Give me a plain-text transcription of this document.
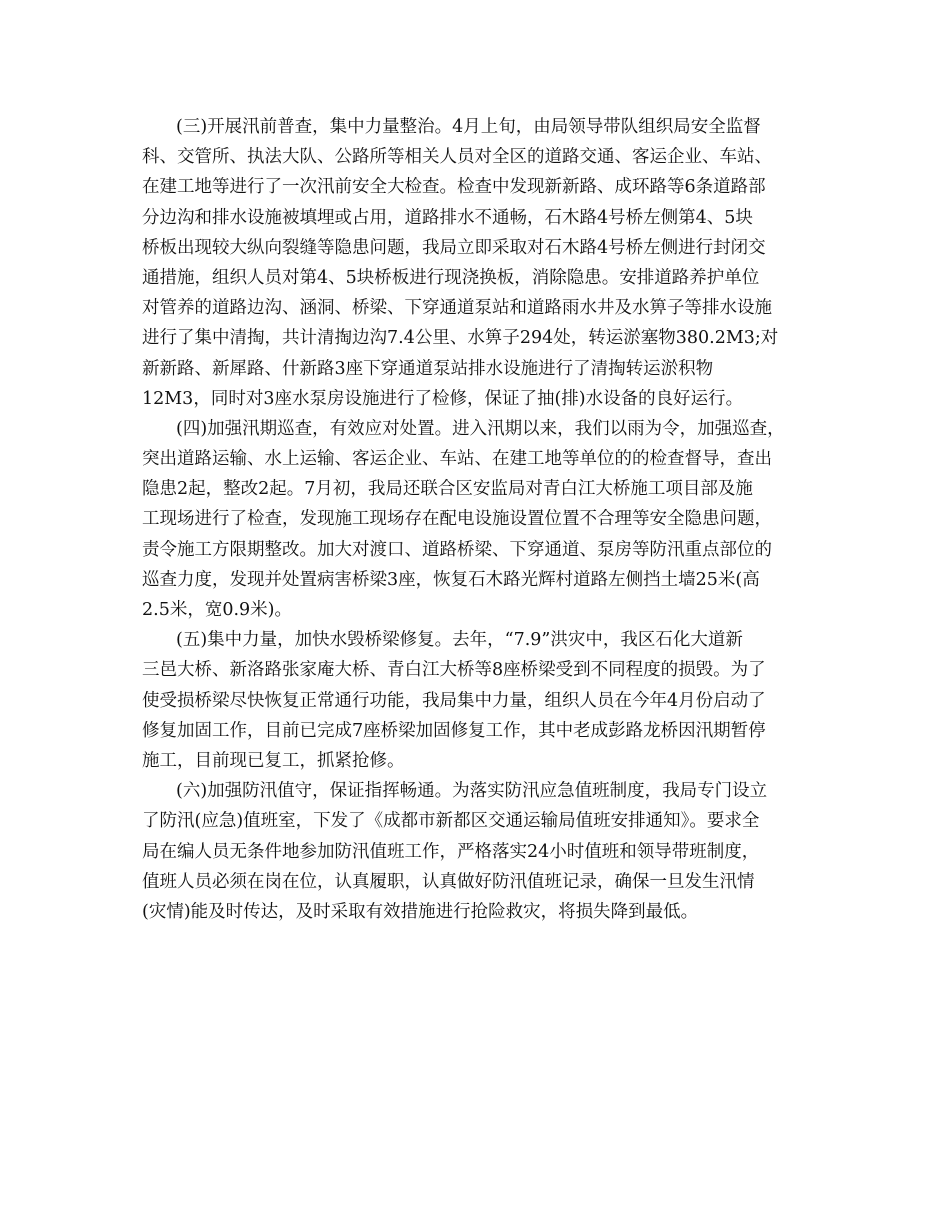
(三)开展汛前普查，集中力量整治。4月上旬，由局领导带队组织局安全监督

科、交管所、执法大队、公路所等相关人员对全区的道路交通、客运企业、车站、

在建工地等进行了一次汛前安全大检查。检查中发现新新路、成环路等6条道路部

分边沟和排水设施被填埋或占用，道路排水不通畅，石木路4号桥左侧第4、5块

桥板出现较大纵向裂缝等隐患问题，我局立即采取对石木路4号桥左侧进行封闭交

通措施，组织人员对第4、5块桥板进行现浇换板，消除隐患。安排道路养护单位

对管养的道路边沟、涵洞、桥梁、下穿通道泵站和道路雨水井及水箅子等排水设施

进行了集中清掏，共计清掏边沟7.4公里、水箅子294处，转运淤塞物380.2M3;对

新新路、新犀路、什新路3座下穿通道泵站排水设施进行了清掏转运淤积物

12M3，同时对3座水泵房设施进行了检修，保证了抽(排)水设备的良好运行。

(四)加强汛期巡查，有效应对处置。进入汛期以来，我们以雨为令，加强巡查，

突出道路运输、水上运输、客运企业、车站、在建工地等单位的的检查督导，查出

隐患2起，整改2起。7月初，我局还联合区安监局对青白江大桥施工项目部及施

工现场进行了检查，发现施工现场存在配电设施设置位置不合理等安全隐患问题，

责令施工方限期整改。加大对渡口、道路桥梁、下穿通道、泵房等防汛重点部位的

巡查力度，发现并处置病害桥梁3座，恢复石木路光辉村道路左侧挡土墙25米(高

2.5米，宽0.9米)。

(五)集中力量，加快水毁桥梁修复。去年，“7.9”洪灾中，我区石化大道新

三邑大桥、新洛路张家庵大桥、青白江大桥等8座桥梁受到不同程度的损毁。为了

使受损桥梁尽快恢复正常通行功能，我局集中力量，组织人员在今年4月份启动了

修复加固工作，目前已完成7座桥梁加固修复工作，其中老成彭路龙桥因汛期暂停

施工，目前现已复工，抓紧抢修。

(六)加强防汛值守，保证指挥畅通。为落实防汛应急值班制度，我局专门设立

了防汛(应急)值班室，下发了《成都市新都区交通运输局值班安排通知》。要求全

局在编人员无条件地参加防汛值班工作，严格落实24小时值班和领导带班制度，

值班人员必须在岗在位，认真履职，认真做好防汛值班记录，确保一旦发生汛情

(灾情)能及时传达，及时采取有效措施进行抢险救灾，将损失降到最低。
